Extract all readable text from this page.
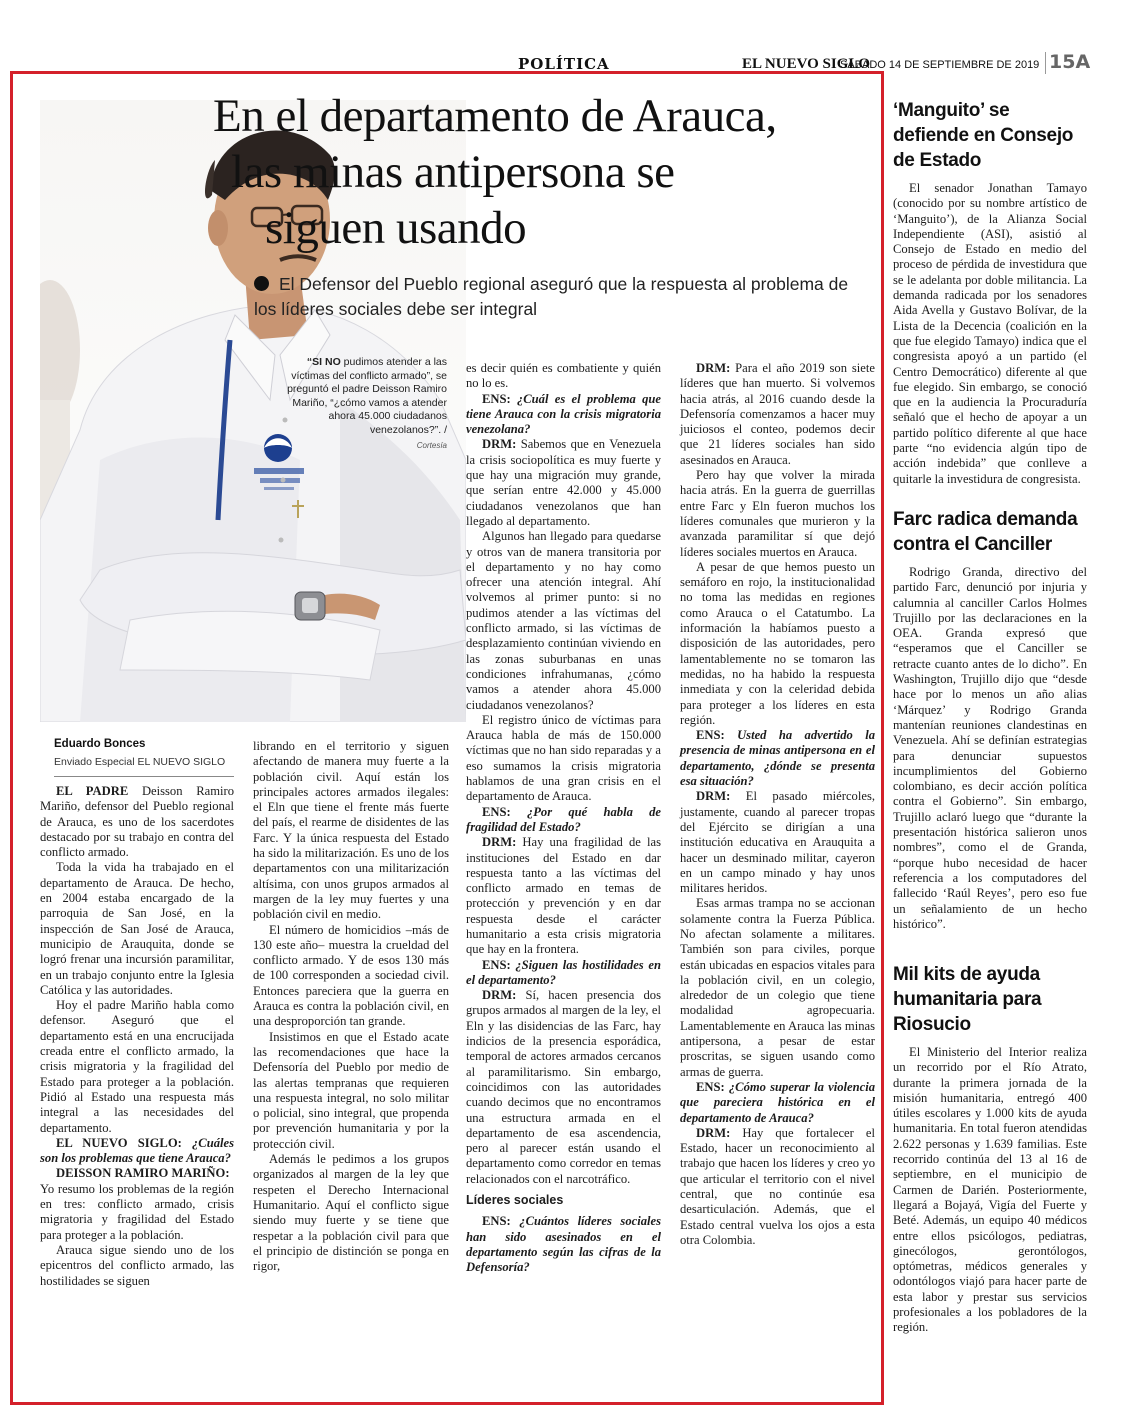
POLÍTICA	EL NUEVO SIGLO
SÁBADO 14 DE SEPTIEMBRE DE 2019 15A
En el departamento de Arauca,
las minas antipersona se
siguen usando
El Defensor del Pueblo regional aseguró que la respuesta al problema de los líderes sociales debe ser integral
“SI NO pudimos atender a las víctimas del conflicto armado”, se preguntó el padre Deisson Ramiro Mariño, “¿cómo vamos a atender ahora 45.000 ciudadanos venezolanos?”. /
Cortesía
Eduardo Bonces
Enviado Especial EL NUEVO SIGLO

EL PADRE Deisson Ramiro Mariño, defensor del Pueblo regional de Arauca, es uno de los sacerdotes destacado por su trabajo en contra del conflicto armado.

Toda la vida ha trabajado en el departamento de Arauca. De hecho, en 2004 estaba encargado de la parroquia de San José, en la inspección de San José de Arauca, municipio de Arauquita, donde se logró frenar una incursión paramilitar, en un trabajo conjunto entre la Iglesia Católica y las autoridades.

Hoy el padre Mariño habla como defensor. Aseguró que el departamento está en una encrucijada creada entre el conflicto armado, la crisis migratoria y la fragilidad del Estado para proteger a la población. Pidió al Estado una respuesta más integral a las necesidades del departamento.

EL NUEVO SIGLO: ¿Cuáles son los problemas que tiene Arauca?

DEISSON RAMIRO MARIÑO:

Yo resumo los problemas de la región en tres: conflicto armado, crisis migratoria y fragilidad del Estado para proteger a la población.

Arauca sigue siendo uno de los epicentros del conflicto armado, las hostilidades se siguen

librando en el territorio y siguen afectando de manera muy fuerte a la población civil. Aquí están los principales actores armados ilegales: el Eln que tiene el frente más fuerte del país, el rearme de disidentes de las Farc. Y la única respuesta del Estado ha sido la militarización. Es uno de los departamentos con una militarización altísima, con unos grupos armados al margen de la ley muy fuertes y una población civil en medio.

El número de homicidios –más de 130 este año– muestra la crueldad del conflicto armado. Y de esos 130 más de 100 corresponden a sociedad civil. Entonces pareciera que la guerra en Arauca es contra la población civil, en una desproporción tan grande.

Insistimos en que el Estado acate las recomendaciones que hace la Defensoría del Pueblo por medio de las alertas tempranas que requieren una respuesta integral, no solo militar o policial, sino integral, que propenda por prevención humanitaria y por la protección civil.

Además le pedimos a los grupos organizados al margen de la ley que respeten el Derecho Internacional Humanitario. Aquí el conflicto sigue siendo muy fuerte y se tiene que respetar a la población civil para que el principio de distinción se ponga en rigor,

es decir quién es combatiente y quién no lo es.

ENS: ¿Cuál es el problema que tiene Arauca con la crisis migratoria venezolana?

DRM: Sabemos que en Venezuela la crisis sociopolítica es muy fuerte y que hay una migración muy grande, que serían entre 42.000 y 45.000 ciudadanos venezolanos que han llegado al departamento.

Algunos han llegado para quedarse y otros van de manera transitoria por el departamento y no hay como ofrecer una atención integral. Ahí volvemos al primer punto: si no pudimos atender a las víctimas del conflicto armado, si las víctimas de desplazamiento continúan viviendo en las zonas suburbanas en unas condiciones infrahumanas, ¿cómo vamos a atender ahora 45.000 ciudadanos venezolanos?

El registro único de víctimas para Arauca habla de más de 150.000 víctimas que no han sido reparadas y a eso sumamos la crisis migratoria hablamos de una gran crisis en el departamento de Arauca.

ENS: ¿Por qué habla de fragilidad del Estado?

DRM: Hay una fragilidad de las instituciones del Estado en dar respuesta tanto a las víctimas del conflicto armado en temas de protección y prevención y en dar respuesta desde el carácter humanitario a esta crisis migratoria que hay en la frontera.

ENS: ¿Siguen las hostilidades en el departamento?

DRM: Sí, hacen presencia dos grupos armados al margen de la ley, el Eln y las disidencias de las Farc, hay indicios de la presencia esporádica, temporal de actores armados cercanos al paramilitarismo. Sin embargo, coincidimos con las autoridades cuando decimos que no encontramos una estructura armada en el departamento de esa ascendencia, pero al parecer están usando el departamento como corredor en temas relacionados con el narcotráfico.

Líderes sociales

ENS: ¿Cuántos líderes sociales han sido asesinados en el departamento según las cifras de la Defensoría?

DRM: Para el año 2019 son siete líderes que han muerto. Si volvemos hacia atrás, al 2016 cuando desde la Defensoría comenzamos a hacer muy juiciosos el conteo, podemos decir que 21 líderes sociales han sido asesinados en Arauca.

Pero hay que volver la mirada hacia atrás. En la guerra de guerrillas entre Farc y Eln fueron muchos los líderes comunales que murieron y la avanzada paramilitar sí que dejó líderes sociales muertos en Arauca.

A pesar de que hemos puesto un semáforo en rojo, la institucionalidad no toma las medidas en regiones como Arauca o el Catatumbo. La información la habíamos puesto a disposición de las autoridades, pero lamentablemente no se tomaron las medidas, no ha habido la respuesta inmediata y con la celeridad debida para proteger a los líderes en esta región.

ENS: Usted ha advertido la presencia de minas antipersona en el departamento, ¿dónde se presenta esa situación?

DRM: El pasado miércoles, justamente, cuando al parecer tropas del Ejército se dirigían a una institución educativa en Arauquita a hacer un desminado militar, cayeron en un campo minado y hay unos militares heridos.

Esas armas trampa no se accionan solamente contra la Fuerza Pública. No afectan solamente a militares. También son para civiles, porque están ubicadas en espacios vitales para la población civil, en un colegio, alrededor de un colegio que tiene modalidad agropecuaria. Lamentablemente en Arauca las minas antipersona, a pesar de estar proscritas, se siguen usando como armas de guerra.

ENS: ¿Cómo superar la violencia que pareciera histórica en el departamento de Arauca?

DRM: Hay que fortalecer el Estado, hacer un reconocimiento al trabajo que hacen los líderes y creo yo que articular el territorio con el nivel central, que no continúe esa desarticulación. Además, que el Estado central vuelva los ojos a esta otra Colombia.

‘Manguito’ se defiende en Consejo de Estado

El senador Jonathan Tamayo (conocido por su nombre artístico de ‘Manguito’), de la Alianza Social Independiente (ASI), asistió al Consejo de Estado en medio del proceso de pérdida de investidura que se le adelanta por doble militancia. La demanda radicada por los senadores Aida Avella y Gustavo Bolívar, de la Lista de la Decencia (coalición en la que fue elegido Tamayo) indica que el congresista apoyó a un partido (el Centro Democrático) diferente al que fue elegido. Sin embargo, se conoció que en la audiencia la Procuraduría señaló que el hecho de apoyar a un partido político diferente al que hace parte “no evidencia algún tipo de acción indebida” que conlleve a quitarle la investidura de congresista.

Farc radica demanda contra el Canciller

Rodrigo Granda, directivo del partido Farc, denunció por injuria y calumnia al canciller Carlos Holmes Trujillo por las declaraciones en la OEA. Granda expresó que “esperamos que el Canciller se retracte cuanto antes de lo dicho”. En Washington, Trujillo dijo que “desde hace por lo menos un año alias ‘Márquez’ y Rodrigo Granda mantenían reuniones clandestinas en Venezuela. Ahí se definían estrategias para denunciar supuestos incumplimientos del Gobierno colombiano, es decir acción política contra el Gobierno”. Sin embargo, Trujillo aclaró luego que “durante la presentación histórica salieron unos nombres”, como el de Granda, “porque hubo necesidad de hacer referencia a los computadores del fallecido ‘Raúl Reyes’, pero eso fue un señalamiento de un hecho histórico”.

Mil kits de ayuda humanitaria para Riosucio

El Ministerio del Interior realiza un recorrido por el Río Atrato, durante la primera jornada de la misión humanitaria, entregó 400 útiles escolares y 1.000 kits de ayuda humanitaria. En total fueron atendidas 2.622 personas y 1.639 familias. Este recorrido continúa del 13 al 16 de septiembre, en el municipio de Carmen de Darién. Posteriormente, llegará a Bojayá, Vigía del Fuerte y Beté. Además, un equipo 40 médicos entre ellos psicólogos, pediatras, ginecólogos, gerontólogos, optómetras, médicos generales y odontólogos viajó para hacer parte de esta labor y prestar sus servicios profesionales a los pobladores de la región.
